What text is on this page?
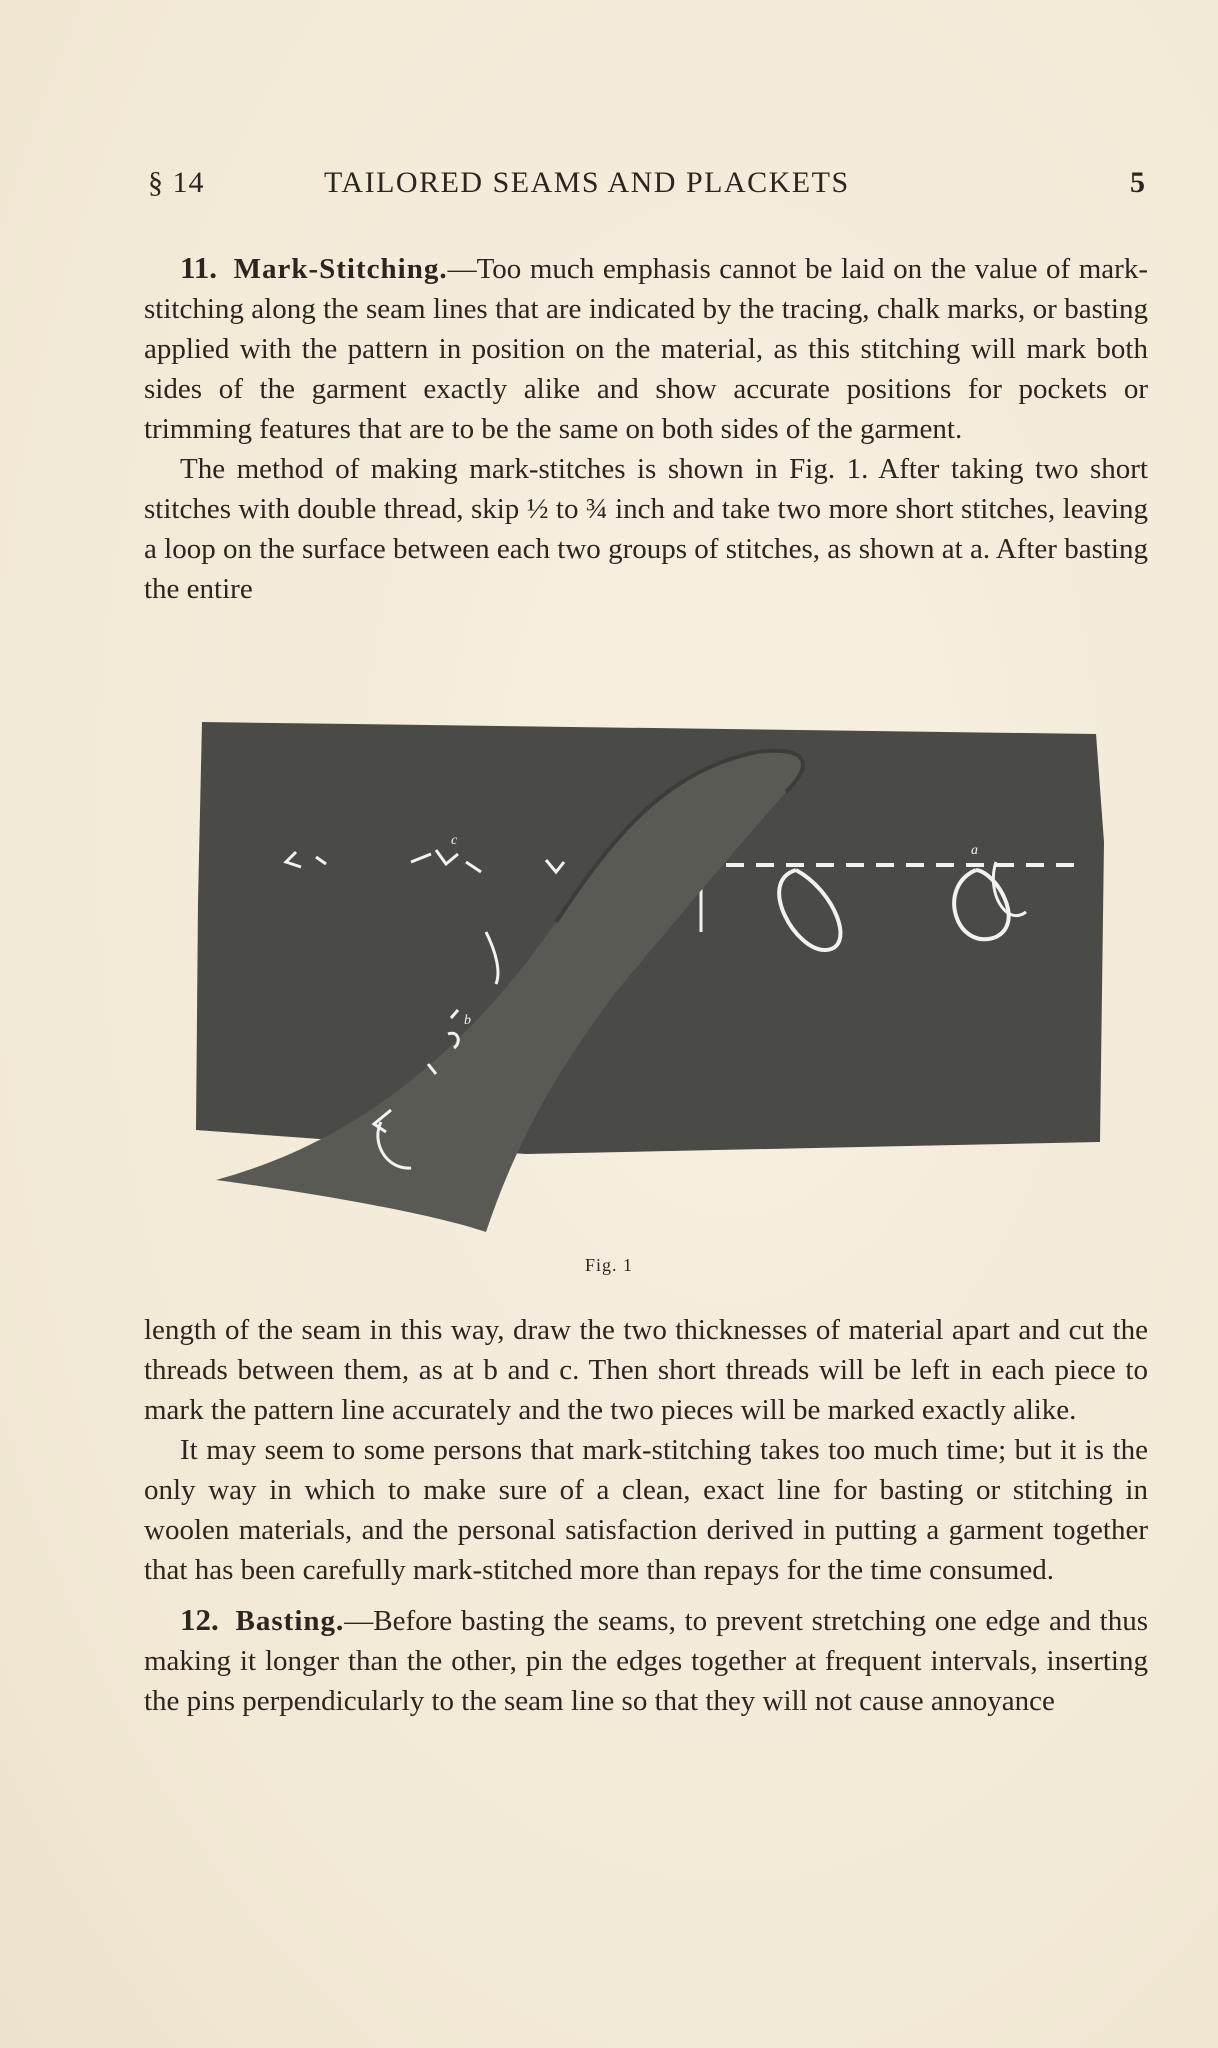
§ 14	TAILORED SEAMS AND PLACKETS	5

11. Mark-Stitching.—Too much emphasis cannot be laid on the value of mark-stitching along the seam lines that are indicated by the tracing, chalk marks, or basting applied with the pattern in position on the material, as this stitching will mark both sides of the garment exactly alike and show accurate positions for pockets or trimming features that are to be the same on both sides of the garment.

The method of making mark-stitches is shown in Fig. 1. After taking two short stitches with double thread, skip ½ to ¾ inch and take two more short stitches, leaving a loop on the surface between each two groups of stitches, as shown at a. After basting the entire

a
c
b
Fig. 1

length of the seam in this way, draw the two thicknesses of material apart and cut the threads between them, as at b and c. Then short threads will be left in each piece to mark the pattern line accurately and the two pieces will be marked exactly alike.

It may seem to some persons that mark-stitching takes too much time; but it is the only way in which to make sure of a clean, exact line for basting or stitching in woolen materials, and the personal satisfaction derived in putting a garment together that has been carefully mark-stitched more than repays for the time consumed.

12. Basting.—Before basting the seams, to prevent stretching one edge and thus making it longer than the other, pin the edges together at frequent intervals, inserting the pins perpendicularly to the seam line so that they will not cause annoyance
